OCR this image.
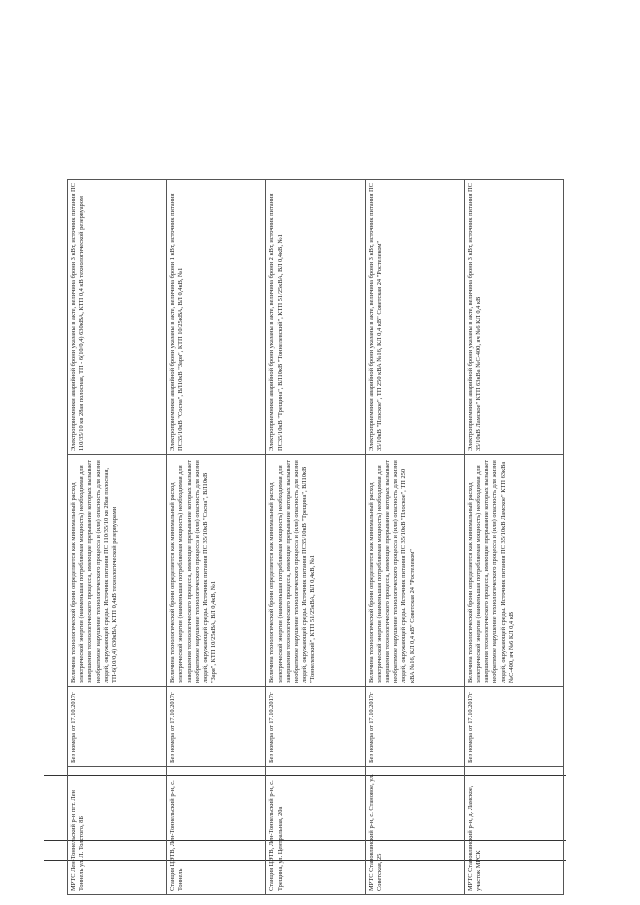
МРТС Лен-Тоннельский р-н пгт. Лен Тоннель ул. Л. Толстого, 8Б	Без номера от 17.10.2017г	Величина технологической брони определяется как минимальный расход электрической энергии (наименьшая потребляемая мощность) необходимая для завершения технологического процесса, имеющие прерывание которых вызывает необратимое нарушение технологического процесса и (или) опасность для жизни людей, окружающей среды. Источник питания ПС 110/35/10 кв 28ая полосная, ТП-6(10/0,4) 630кВА, КТП 0,4кВ технологической резервуарами	Электроприемники аварийной брони указаны в акте, величина брони 3 кВт, источник питания ПС 110/35/10 кв 28ая полосная, ТП - 6(10/0,4) 630кВА, КТП 0,4 кВ технологической резервуаром
Станция ЦЭТВ, Лен-Тоннельский р-н, с. Тоннель	Без номера от 17.10.2017г	Величина технологической брони определяется как минимальный расход электрической энергии (наименьшая потребляемая мощность) необходимая для завершения технологического процесса, имеющие прерывание которых вызывает необратимое нарушение технологического процесса и (или) опасность для жизни людей, окружающей среды. Источник питания ПС 35/10кВ "Сосна", ВЛ10кВ "Заря", КТП 10/25кВА, ВЛ 0,4кВ, №1	Электроприемники аварийной брони указаны в акте, величина брони 1 кВт, источник питания ПС35/10кВ "Сосна", ВЛ10кВ "Заря", КТП 10/25кВА, ВЛ 0,4кВ, №1
Станция ЦЭТВ, Лен-Тоннельский р-н, с. Трещина, ул. Центральная, 20а	Без номера от 17.10.2017г	Величина технологической брони определяется как минимальный расход электрической энергии (наименьшая потребляемая мощность) необходимая для завершения технологического процесса, имеющие прерывание которых вызывает необратимое нарушение технологического процесса и (или) опасность для жизни людей, окружающей среды. Источник питания ПС35/10кВ "Трещина", ВЛ10кВ "Тоннелевский", КТП 51/25кВА, ВЛ 0,4кВ, №1	Электроприемники аварийной брони указаны в акте, величина брони 2 кВт, источник питания ПС35/10кВ "Трещина", ВЛ10кВ "Тоннелевский", КТП 51/25кВА, ВЛ 0,4кВ, №1
МРТС Становлянский р-н, с. Становое, ул. Советская, 25	Без номера от 17.10.2017г	Величина технологической брони определяется как минимальный расход электрической энергии (наименьшая потребляемая мощность) необходимая для завершения технологического процесса, имеющие прерывание которых вызывает необратимое нарушение технологического процесса и (или) опасность для жизни людей, окружающей среды. Источник питания ПС 35/10кВ "Плоское", ТП 250 кВА №16, КЛ 0,4 кВ" Советская 24 "Ростелеком"	Электроприемники аварийной брони указаны в акте, величина брони 3 кВт, источник питания ПС 35/10кВ "Плоское", ТП 250 кВА №16, КЛ 0,4 кВ" Советская 24 "Ростелеком"
МРТС Становлянский р-н, д. Ламское, участок МРСК	Без номера от 17.10.2017г	Величина технологической брони определяется как минимальный расход электрической энергии (наименьшая потребляемая мощность) необходимая для завершения технологического процесса, имеющие прерывание которых вызывает необратимое нарушение технологического процесса и (или) опасность для жизни людей, окружающей среды. Источник питания ПС 35/10кВ Ламское" КТП 63кВа №С-400, яч №6 КЛ 0,4 кВ	Электроприемники аварийной брони указаны в акте, величина брони 3 кВт, источник питания ПС 35/10кВ Ламское" КТП 63кВа №С-400, яч №6 КЛ 0,4 кВ
